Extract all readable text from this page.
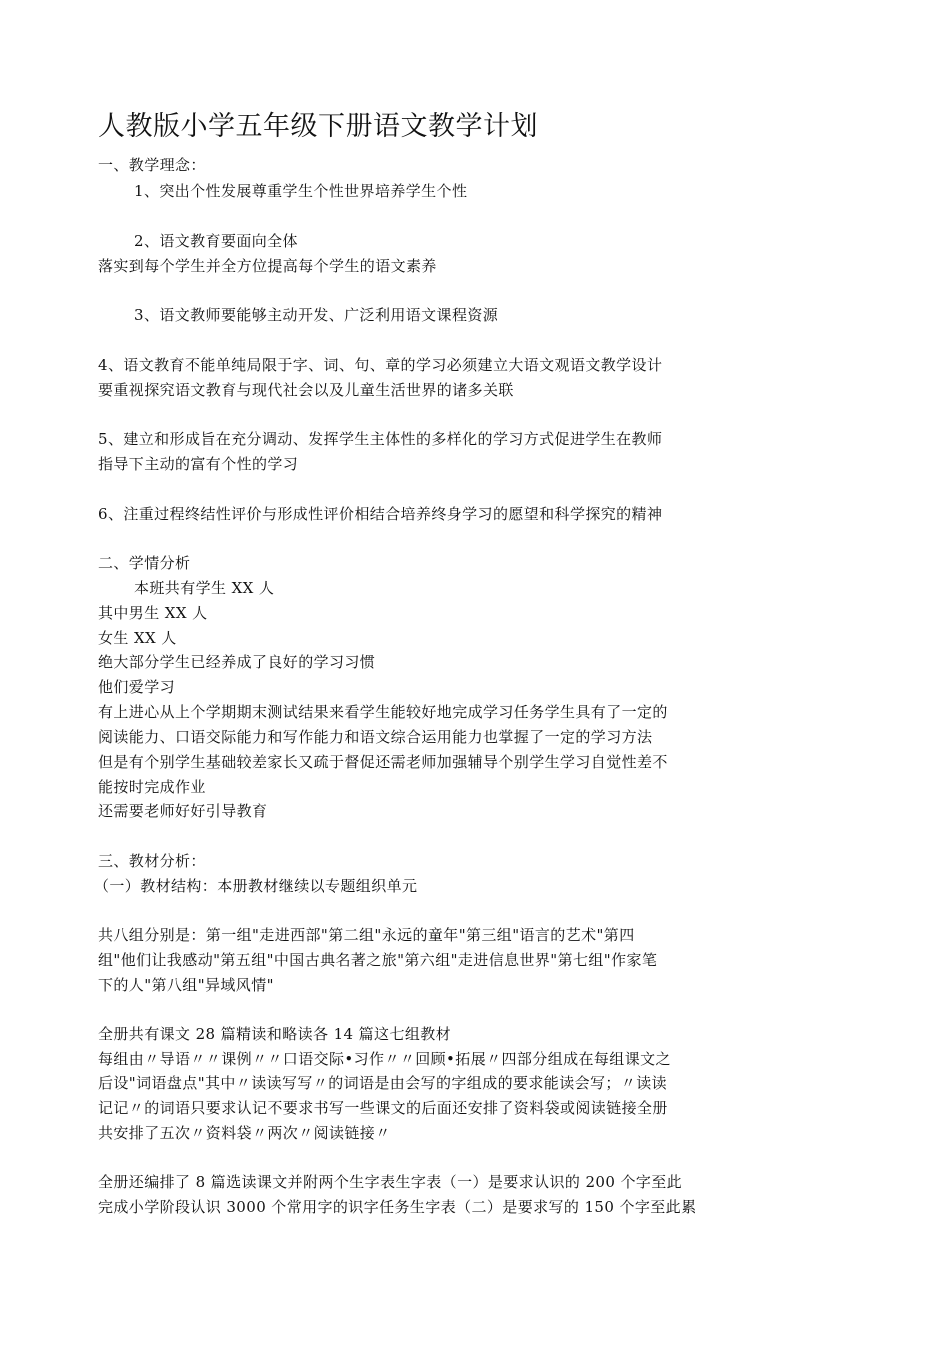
人教版小学五年级下册语文教学计划
一、教学理念：
1、突出个性发展尊重学生个性世界培养学生个性
2、语文教育要面向全体
落实到每个学生并全方位提高每个学生的语文素养
3、语文教师要能够主动开发、广泛利用语文课程资源
4、语文教育不能单纯局限于字、词、句、章的学习必须建立大语文观语文教学设计
要重视探究语文教育与现代社会以及儿童生活世界的诸多关联
5、建立和形成旨在充分调动、发挥学生主体性的多样化的学习方式促进学生在教师
指导下主动的富有个性的学习
6、注重过程终结性评价与形成性评价相结合培养终身学习的愿望和科学探究的精神
二、学情分析
本班共有学生 XX 人
其中男生 XX 人
女生 XX 人
绝大部分学生已经养成了良好的学习习惯
他们爱学习
有上进心从上个学期期末测试结果来看学生能较好地完成学习任务学生具有了一定的
阅读能力、口语交际能力和写作能力和语文综合运用能力也掌握了一定的学习方法
但是有个别学生基础较差家长又疏于督促还需老师加强辅导个别学生学习自觉性差不
能按时完成作业
还需要老师好好引导教育
三、教材分析：
（一）教材结构：本册教材继续以专题组织单元
共八组分别是：第一组"走进西部"第二组"永远的童年"第三组"语言的艺术"第四
组"他们让我感动"第五组"中国古典名著之旅"第六组"走进信息世界"第七组"作家笔
下的人"第八组"异域风情"
全册共有课文 28 篇精读和略读各 14 篇这七组教材
每组由〃导语〃〃课例〃〃口语交际•习作〃〃回顾•拓展〃四部分组成在每组课文之
后设"词语盘点"其中〃读读写写〃的词语是由会写的字组成的要求能读会写；〃读读
记记〃的词语只要求认记不要求书写一些课文的后面还安排了资料袋或阅读链接全册
共安排了五次〃资料袋〃两次〃阅读链接〃
全册还编排了 8 篇选读课文并附两个生字表生字表（一）是要求认识的 200 个字至此
完成小学阶段认识 3000 个常用字的识字任务生字表（二）是要求写的 150 个字至此累
